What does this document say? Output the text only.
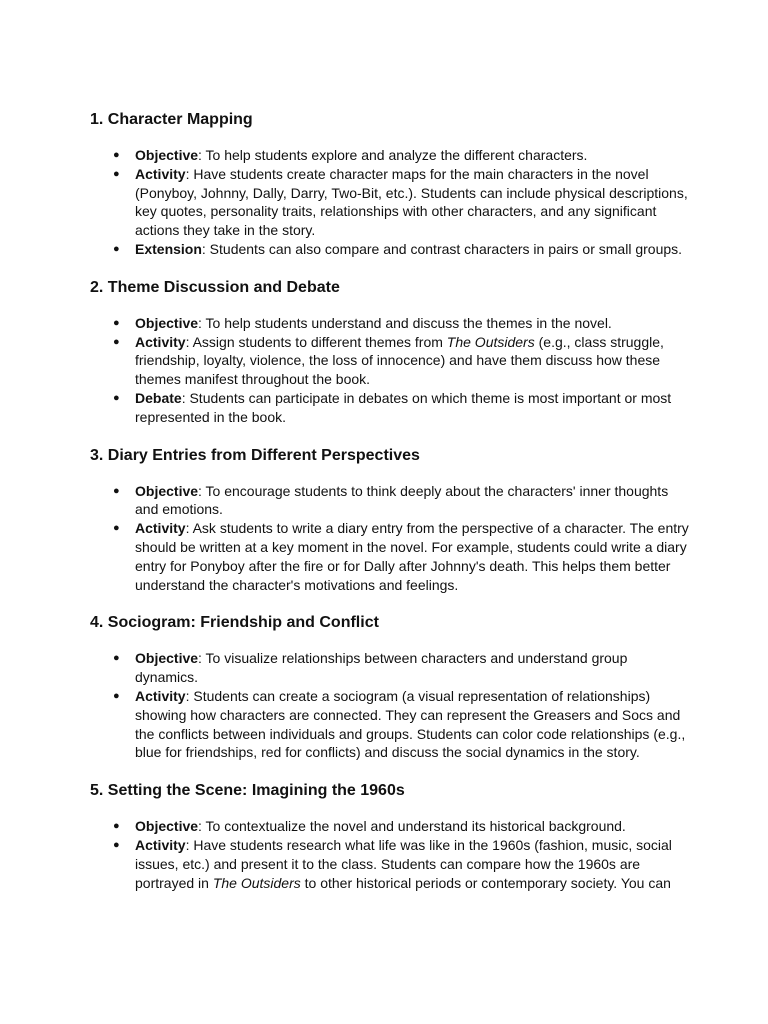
1. Character Mapping
● Objective: To help students explore and analyze the different characters.
● Activity: Have students create character maps for the main characters in the novel (Ponyboy, Johnny, Dally, Darry, Two-Bit, etc.). Students can include physical descriptions, key quotes, personality traits, relationships with other characters, and any significant actions they take in the story.
● Extension: Students can also compare and contrast characters in pairs or small groups.
2. Theme Discussion and Debate
● Objective: To help students understand and discuss the themes in the novel.
● Activity: Assign students to different themes from The Outsiders (e.g., class struggle, friendship, loyalty, violence, the loss of innocence) and have them discuss how these themes manifest throughout the book.
● Debate: Students can participate in debates on which theme is most important or most represented in the book.
3. Diary Entries from Different Perspectives
● Objective: To encourage students to think deeply about the characters' inner thoughts and emotions.
● Activity: Ask students to write a diary entry from the perspective of a character. The entry should be written at a key moment in the novel. For example, students could write a diary entry for Ponyboy after the fire or for Dally after Johnny's death. This helps them better understand the character's motivations and feelings.
4. Sociogram: Friendship and Conflict
● Objective: To visualize relationships between characters and understand group dynamics.
● Activity: Students can create a sociogram (a visual representation of relationships) showing how characters are connected. They can represent the Greasers and Socs and the conflicts between individuals and groups. Students can color code relationships (e.g., blue for friendships, red for conflicts) and discuss the social dynamics in the story.
5. Setting the Scene: Imagining the 1960s
● Objective: To contextualize the novel and understand its historical background.
● Activity: Have students research what life was like in the 1960s (fashion, music, social issues, etc.) and present it to the class. Students can compare how the 1960s are portrayed in The Outsiders to other historical periods or contemporary society. You can
